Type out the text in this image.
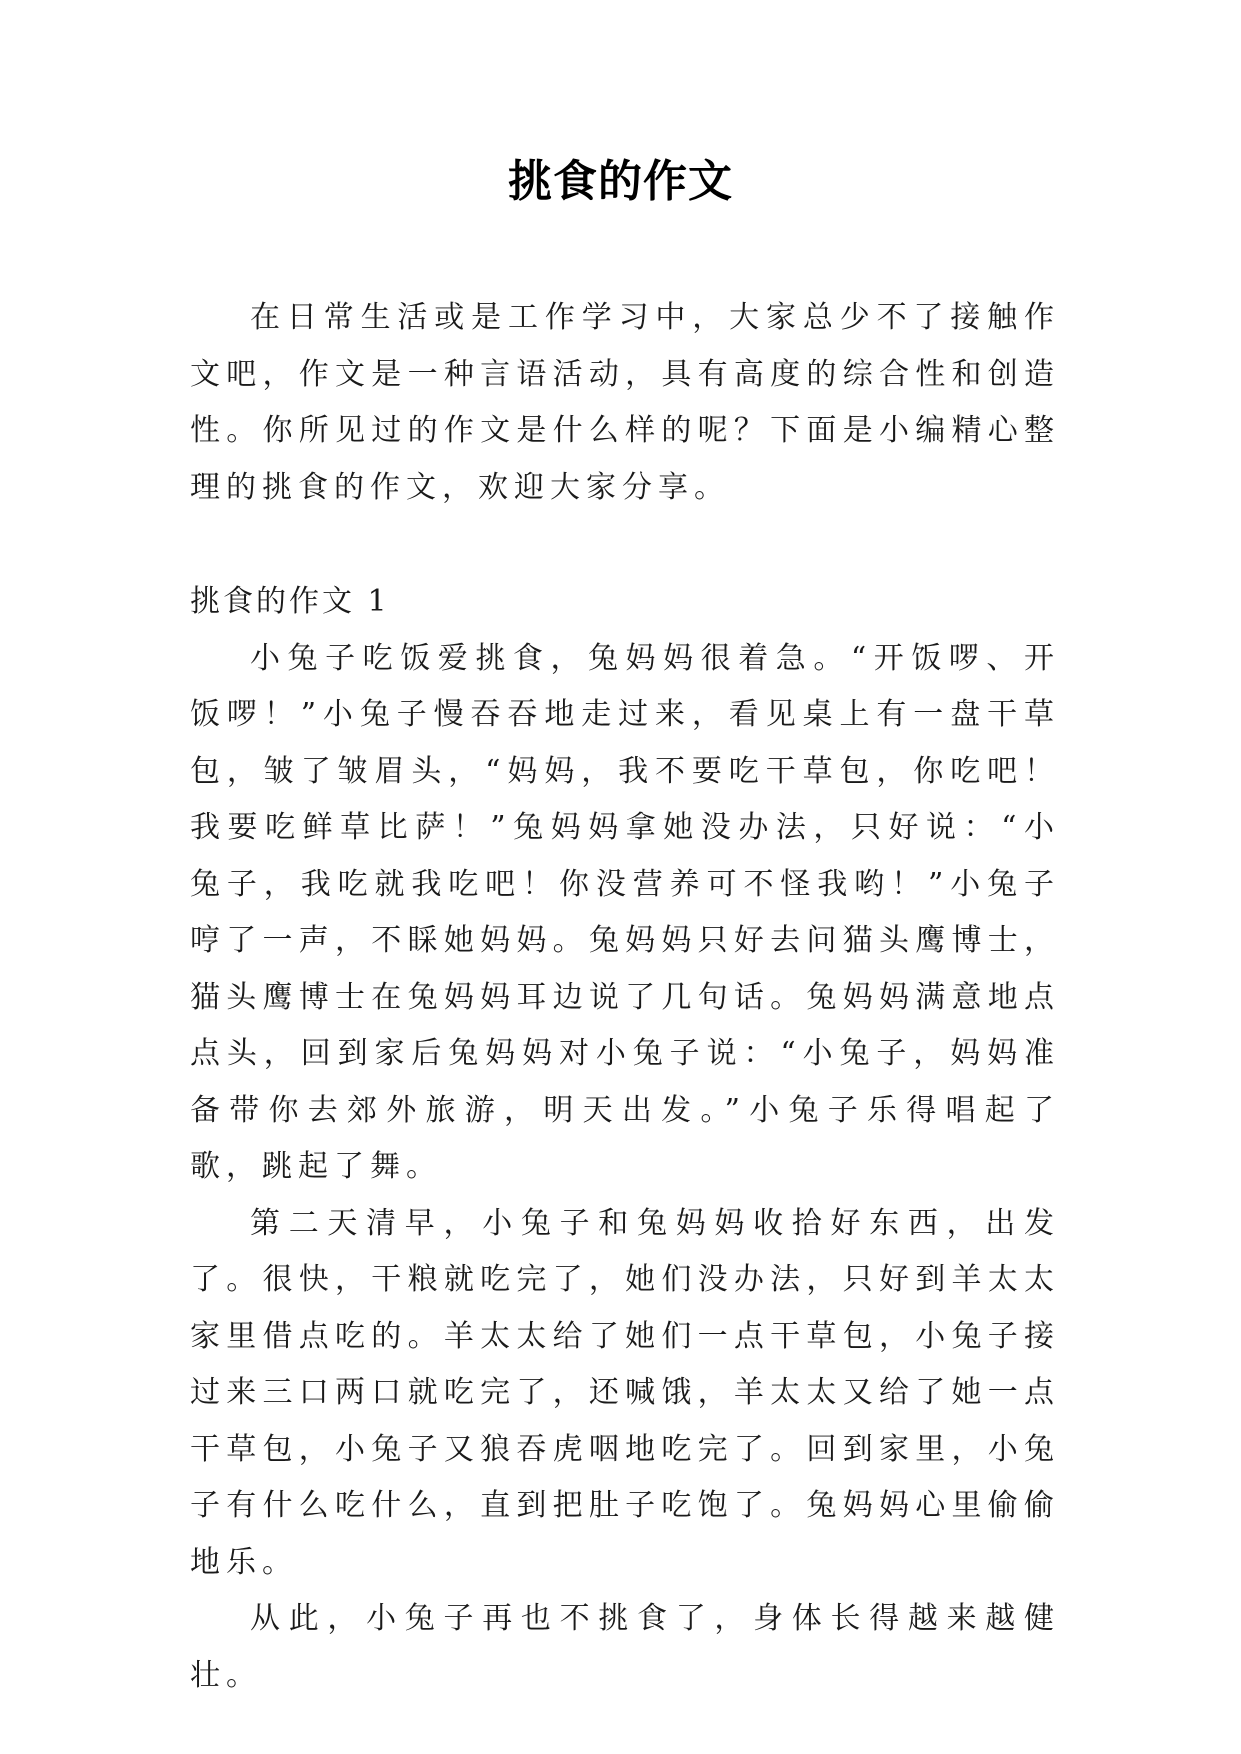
挑食的作文

在日常生活或是工作学习中，大家总少不了接触作文吧，作文是一种言语活动，具有高度的综合性和创造性。你所见过的作文是什么样的呢？下面是小编精心整理的挑食的作文，欢迎大家分享。

挑食的作文 1

小兔子吃饭爱挑食，兔妈妈很着急。“开饭啰、开饭啰！”小兔子慢吞吞地走过来，看见桌上有一盘干草包，皱了皱眉头，“妈妈，我不要吃干草包，你吃吧！我要吃鲜草比萨！”兔妈妈拿她没办法，只好说：“小兔子，我吃就我吃吧！你没营养可不怪我哟！”小兔子哼了一声，不睬她妈妈。兔妈妈只好去问猫头鹰博士，猫头鹰博士在兔妈妈耳边说了几句话。兔妈妈满意地点点头，回到家后兔妈妈对小兔子说：“小兔子，妈妈准备带你去郊外旅游，明天出发。”小兔子乐得唱起了歌，跳起了舞。

第二天清早，小兔子和兔妈妈收拾好东西，出发了。很快，干粮就吃完了，她们没办法，只好到羊太太家里借点吃的。羊太太给了她们一点干草包，小兔子接过来三口两口就吃完了，还喊饿，羊太太又给了她一点干草包，小兔子又狼吞虎咽地吃完了。回到家里，小兔子有什么吃什么，直到把肚子吃饱了。兔妈妈心里偷偷地乐。

从此，小兔子再也不挑食了，身体长得越来越健壮。
